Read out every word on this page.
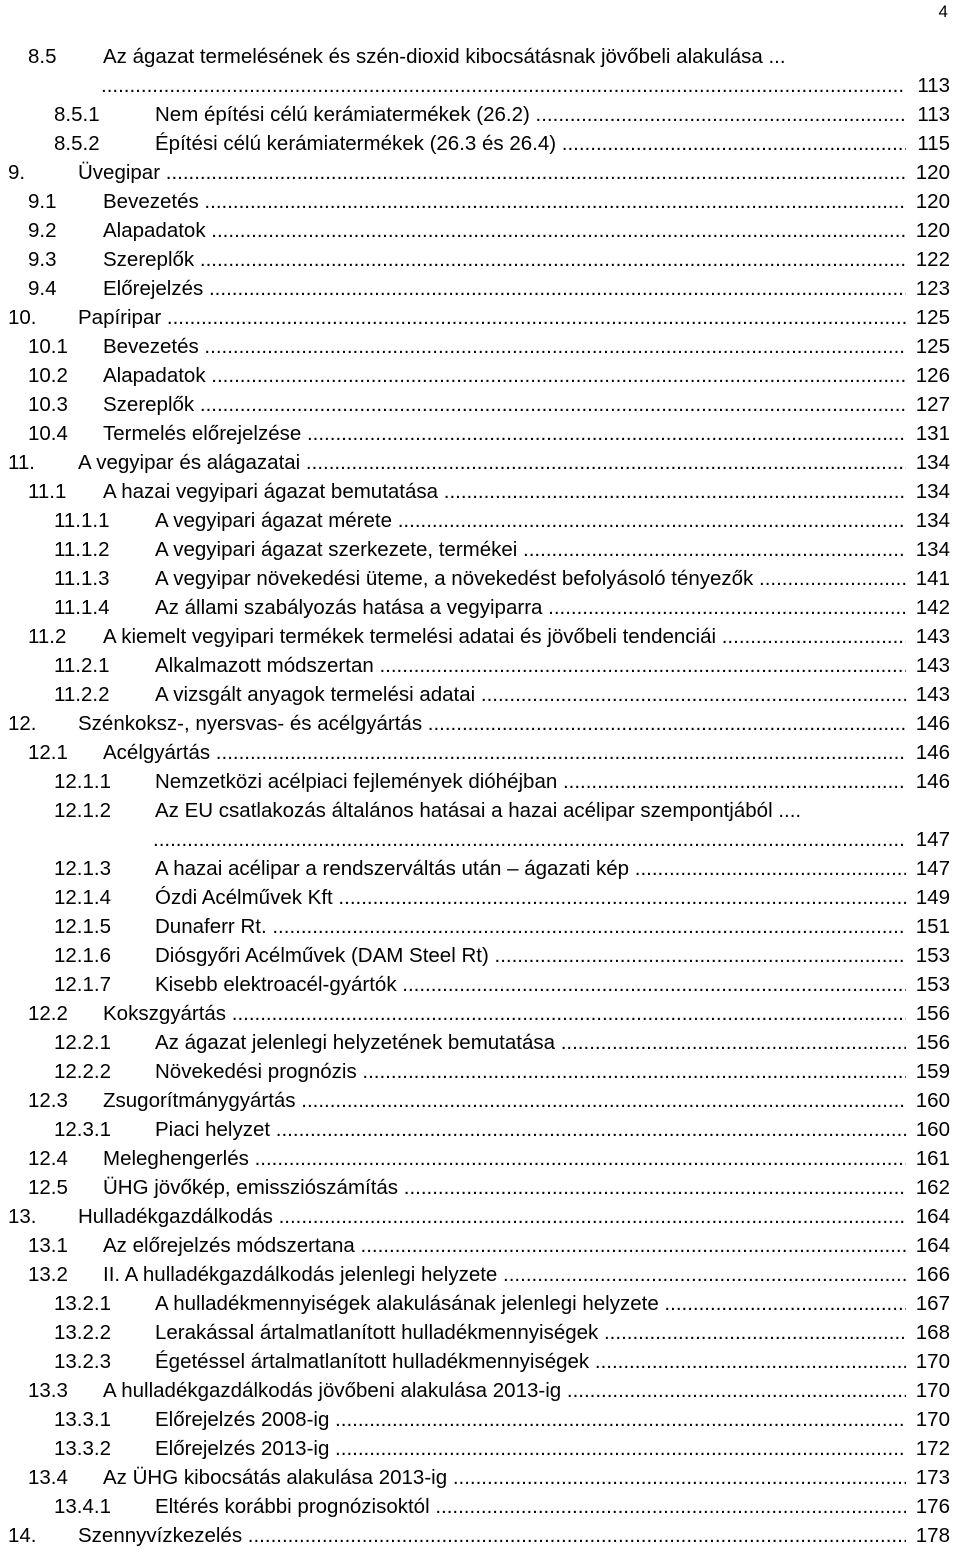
4
8.5 Az ágazat termelésének és szén-dioxid kibocsátásnak jövőbeli alakulása ...
.....
113
8.5.1	Nem építési célú kerámiatermékek (26.2) .....	113
8.5.2	Építési célú kerámiatermékek (26.3 és 26.4) .....	115
9.	Üvegipar .....	120
9.1 Bevezetés .....	120
9.2 Alapadatok .....	120
9.3 Szereplők .....	122
9.4 Előrejelzés .....	123
10. Papíripar .....	125
10.1 Bevezetés .....	125
10.2 Alapadatok .....	126
10.3 Szereplők .....	127
10.4 Termelés előrejelzése .....	131
11. A vegyipar és alágazatai .....	134
11.1 A hazai vegyipari ágazat bemutatása .....	134
11.1.1 A vegyipari ágazat mérete .....	134
11.1.2 A vegyipari ágazat szerkezete, termékei .....	134
11.1.3 A vegyipar növekedési üteme, a növekedést befolyásoló tényezők .....	141
11.1.4 Az állami szabályozás hatása a vegyiparra .....	142
11.2 A kiemelt vegyipari termékek termelési adatai és jövőbeli tendenciái .....	143
11.2.1 Alkalmazott módszertan .....	143
11.2.2 A vizsgált anyagok termelési adatai .....	143
12. Szénkoksz-, nyersvas- és acélgyártás .....	146
12.1 Acélgyártás .....	146
12.1.1 Nemzetközi acélpiaci fejlemények dióhéjban .....	146
12.1.2 Az EU csatlakozás általános hatásai a hazai acélipar szempontjából ....
.....
147
12.1.3 A hazai acélipar a rendszerváltás után – ágazati kép .....	147
12.1.4 Ózdi Acélművek Kft .....	149
12.1.5 Dunaferr Rt. .....	151
12.1.6 Diósgyőri Acélművek (DAM Steel Rt) .....	153
12.1.7 Kisebb elektroacél-gyártók .....	153
12.2 Kokszgyártás .....	156
12.2.1 Az ágazat jelenlegi helyzetének bemutatása .....	156
12.2.2 Növekedési prognózis .....	159
12.3 Zsugorítmánygyártás .....	160
12.3.1 Piaci helyzet .....	160
12.4 Meleghengerlés .....	161
12.5 ÜHG jövőkép, emissziószámítás .....	162
13. Hulladékgazdálkodás .....	164
13.1 Az előrejelzés módszertana .....	164
13.2 II. A hulladékgazdálkodás jelenlegi helyzete .....	166
13.2.1 A hulladékmennyiségek alakulásának jelenlegi helyzete .....	167
13.2.2 Lerakással ártalmatlanított hulladékmennyiségek .....	168
13.2.3 Égetéssel ártalmatlanított hulladékmennyiségek .....	170
13.3 A hulladékgazdálkodás jövőbeni alakulása 2013-ig .....	170
13.3.1 Előrejelzés 2008-ig .....	170
13.3.2 Előrejelzés 2013-ig .....	172
13.4 Az ÜHG kibocsátás alakulása 2013-ig .....	173
13.4.1 Eltérés korábbi prognózisoktól .....	176
14. Szennyvízkezelés .....	178
